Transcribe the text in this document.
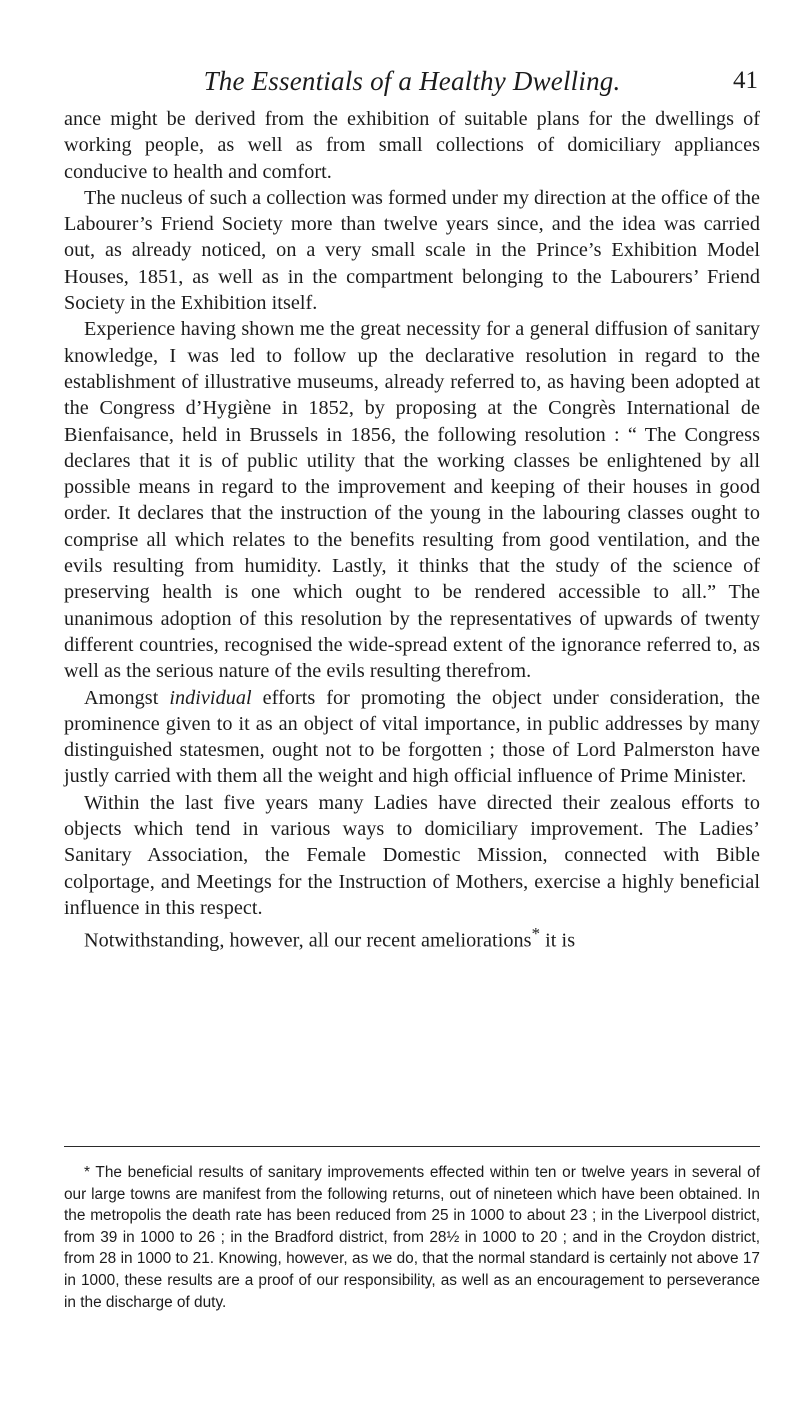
The Essentials of a Healthy Dwelling.	41

ance might be derived from the exhibition of suitable plans for the dwellings of working people, as well as from small collections of domiciliary appliances conducive to health and comfort.

The nucleus of such a collection was formed under my direction at the office of the Labourer’s Friend Society more than twelve years since, and the idea was carried out, as already noticed, on a very small scale in the Prince’s Exhibition Model Houses, 1851, as well as in the compartment belonging to the Labourers’ Friend Society in the Exhibition itself.

Experience having shown me the great necessity for a general diffusion of sanitary knowledge, I was led to follow up the declarative resolution in regard to the establishment of illustrative museums, already referred to, as having been adopted at the Congress d’Hygiène in 1852, by proposing at the Congrès International de Bienfaisance, held in Brussels in 1856, the following resolution : “ The Congress declares that it is of public utility that the working classes be enlightened by all possible means in regard to the improvement and keeping of their houses in good order. It declares that the instruction of the young in the labouring classes ought to comprise all which relates to the benefits resulting from good ventilation, and the evils resulting from humidity. Lastly, it thinks that the study of the science of preserving health is one which ought to be rendered accessible to all.” The unanimous adoption of this resolution by the representatives of upwards of twenty different countries, recognised the wide-spread extent of the ignorance referred to, as well as the serious nature of the evils resulting therefrom.

Amongst individual efforts for promoting the object under consideration, the prominence given to it as an object of vital importance, in public addresses by many distinguished statesmen, ought not to be forgotten ; those of Lord Palmerston have justly carried with them all the weight and high official influence of Prime Minister.

Within the last five years many Ladies have directed their zealous efforts to objects which tend in various ways to domiciliary improvement. The Ladies’ Sanitary Association, the Female Domestic Mission, connected with Bible colportage, and Meetings for the Instruction of Mothers, exercise a highly beneficial influence in this respect.

Notwithstanding, however, all our recent ameliorations* it is

* The beneficial results of sanitary improvements effected within ten or twelve years in several of our large towns are manifest from the following returns, out of nineteen which have been obtained. In the metropolis the death rate has been reduced from 25 in 1000 to about 23 ; in the Liverpool district, from 39 in 1000 to 26 ; in the Bradford district, from 28½ in 1000 to 20 ; and in the Croydon district, from 28 in 1000 to 21. Knowing, however, as we do, that the normal standard is certainly not above 17 in 1000, these results are a proof of our responsibility, as well as an encouragement to perseverance in the discharge of duty.
